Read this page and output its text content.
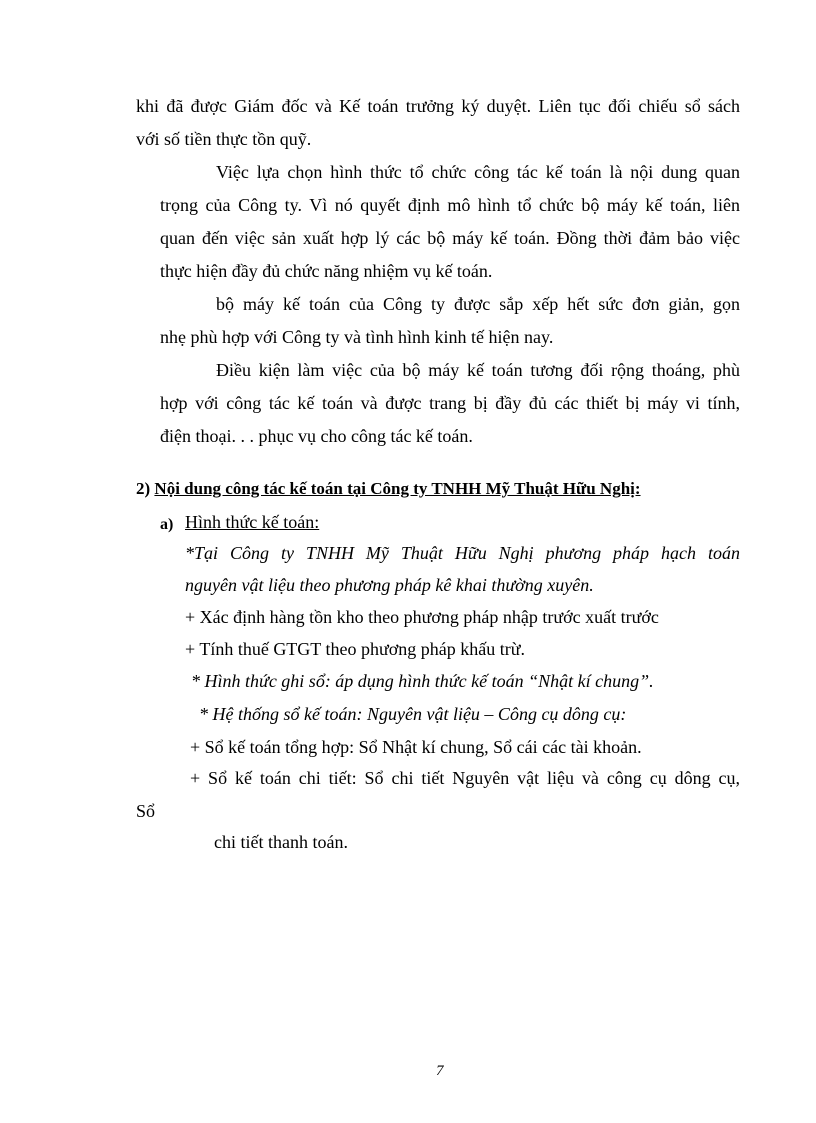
khi đã được Giám đốc và Kế toán trưởng ký duyệt. Liên tục đối chiếu sổ sách
với số tiền thực tồn quỹ.
Việc lựa chọn hình thức tổ chức công tác kế toán là nội dung quan
trọng của Công ty. Vì nó quyết định mô hình tổ chức bộ máy kế toán, liên
quan đến việc sản xuất hợp lý các bộ máy kế toán. Đồng thời đảm bảo việc
thực hiện đầy đủ chức năng nhiệm vụ kế toán.
bộ máy kế toán của Công ty được sắp xếp hết sức đơn giản, gọn
nhẹ phù hợp với Công ty và tình hình kinh tế hiện nay.
Điều kiện làm việc của bộ máy kế toán tương đối rộng thoáng, phù
hợp với công tác kế toán và được trang bị đầy đủ các thiết bị máy vi tính,
điện thoại. . . phục vụ cho công tác kế toán.
2) Nội dung công tác kế toán tại Công ty TNHH Mỹ Thuật Hữu Nghị:
a) Hình thức kế toán:
*Tại Công ty TNHH Mỹ Thuật Hữu Nghị phương pháp hạch toán
nguyên vật liệu theo phương pháp kê khai thường xuyên.
+ Xác định hàng tồn kho theo phương pháp nhập trước xuất trước
+ Tính thuế GTGT theo phương pháp khấu trừ.
* Hình thức ghi sổ: áp dụng hình thức kế toán “Nhật kí chung”.
* Hệ thống sổ kế toán: Nguyên vật liệu – Công cụ dông cụ:
+ Sổ kế toán tổng hợp: Sổ Nhật kí chung, Sổ cái các tài khoản.
+ Sổ kế toán chi tiết: Sổ chi tiết Nguyên vật liệu và công cụ dông cụ,
Sổ
chi tiết thanh toán.
7
